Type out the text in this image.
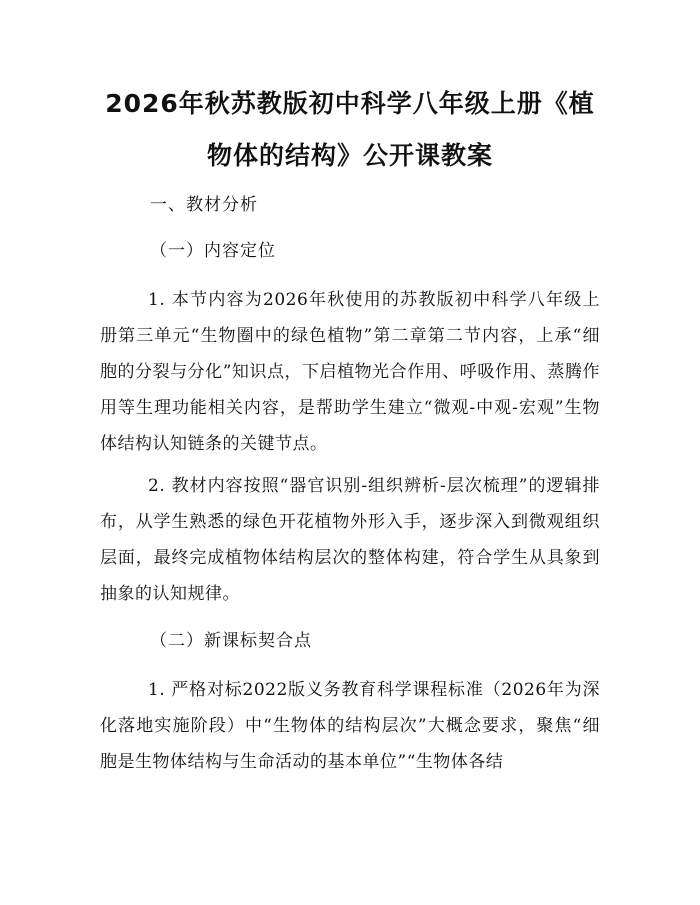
2026年秋苏教版初中科学八年级上册《植物体的结构》公开课教案

一、教材分析

（一）内容定位

1. 本节内容为2026年秋使用的苏教版初中科学八年级上册第三单元“生物圈中的绿色植物”第二章第二节内容，上承“细胞的分裂与分化”知识点，下启植物光合作用、呼吸作用、蒸腾作用等生理功能相关内容，是帮助学生建立“微观-中观-宏观”生物体结构认知链条的关键节点。

2. 教材内容按照“器官识别-组织辨析-层次梳理”的逻辑排布，从学生熟悉的绿色开花植物外形入手，逐步深入到微观组织层面，最终完成植物体结构层次的整体构建，符合学生从具象到抽象的认知规律。

（二）新课标契合点

1. 严格对标2022版义务教育科学课程标准（2026年为深化落地实施阶段）中“生物体的结构层次”大概念要求，聚焦“细胞是生物体结构与生命活动的基本单位”“生物体各结
